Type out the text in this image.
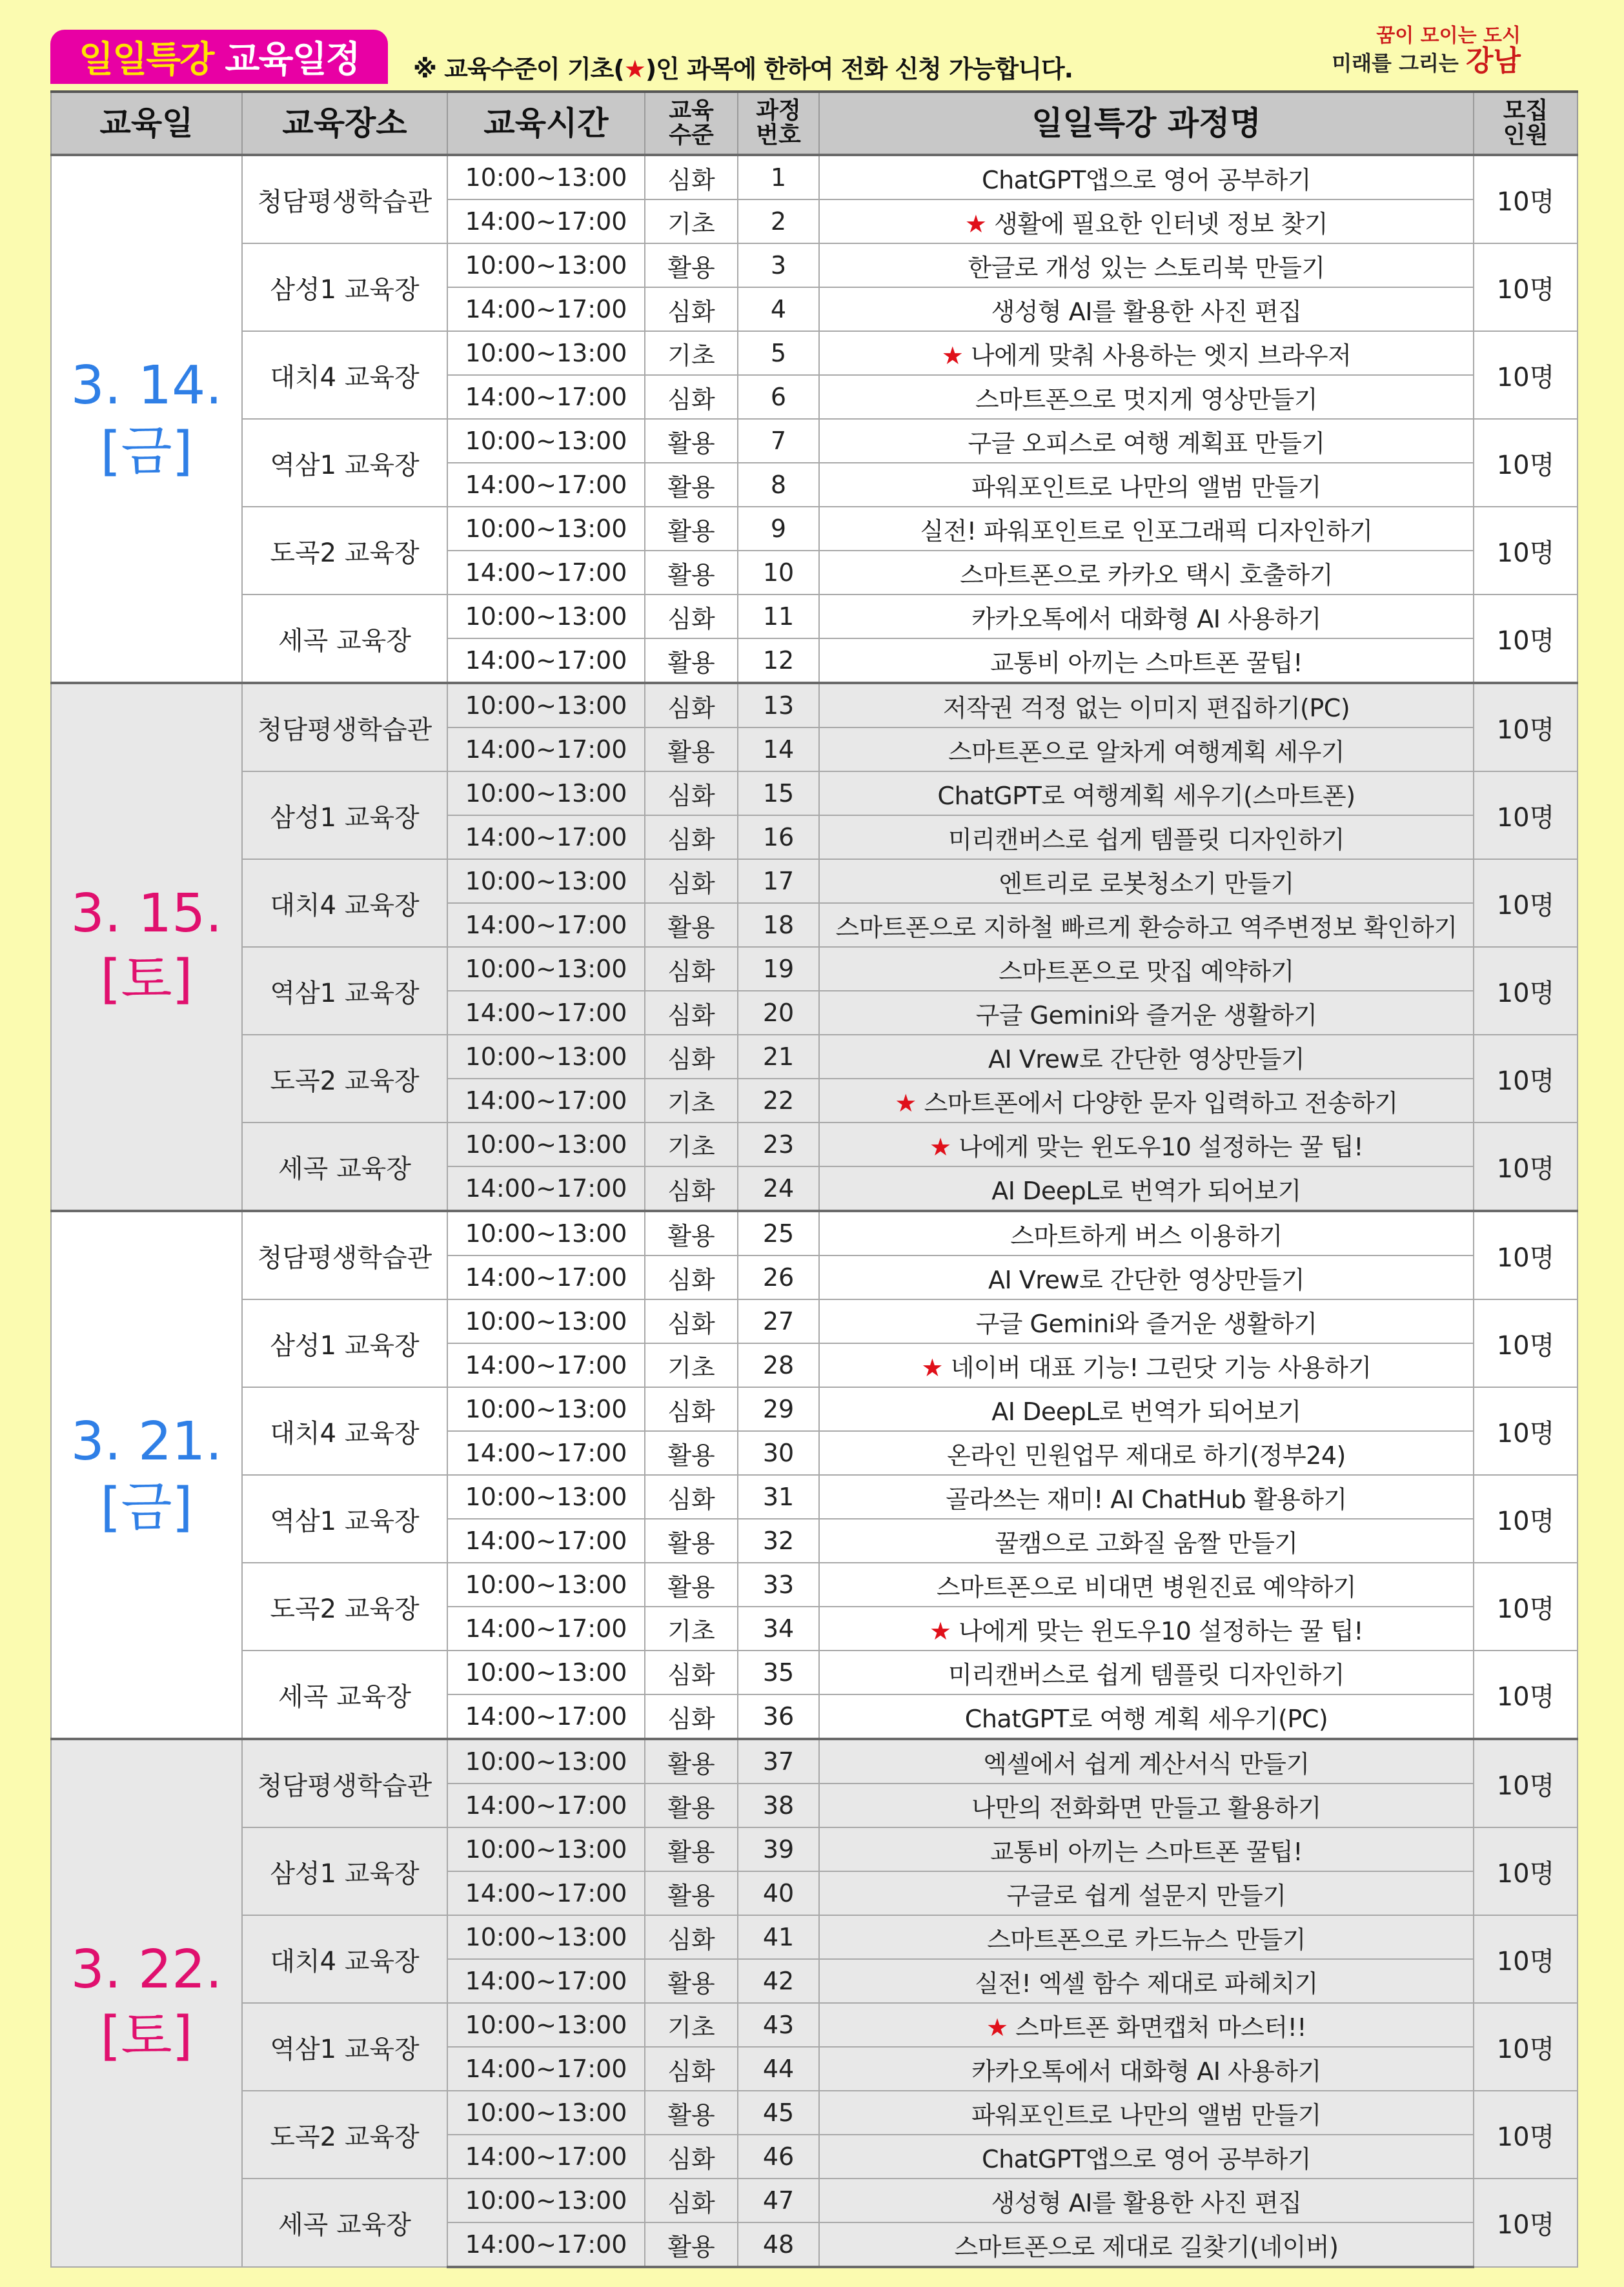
일일특강 교육일정 ※ 교육수준이 기초(★)인 과목에 한하여 전화 신청 가능합니다.
꿈이 모이는 도시
미래를 그리는 강남
교육일	교육장소	교육시간	교육
수준	과정
번호	일일특강 과정명	모집
인원
3. 14.
[금]	청담평생학습관	10:00~13:00	심화	1	ChatGPT앱으로 영어 공부하기	10명
		14:00~17:00	기초	2	★ 생활에 필요한 인터넷 정보 찾기	
	삼성1 교육장	10:00~13:00	활용	3	한글로 개성 있는 스토리북 만들기	10명
		14:00~17:00	심화	4	생성형 AI를 활용한 사진 편집	
	대치4 교육장	10:00~13:00	기초	5	★ 나에게 맞춰 사용하는 엣지 브라우저	10명
		14:00~17:00	심화	6	스마트폰으로 멋지게 영상만들기	
	역삼1 교육장	10:00~13:00	활용	7	구글 오피스로 여행 계획표 만들기	10명
		14:00~17:00	활용	8	파워포인트로 나만의 앨범 만들기	
	도곡2 교육장	10:00~13:00	활용	9	실전! 파워포인트로 인포그래픽 디자인하기	10명
		14:00~17:00	활용	10	스마트폰으로 카카오 택시 호출하기	
	세곡 교육장	10:00~13:00	심화	11	카카오톡에서 대화형 AI 사용하기	10명
		14:00~17:00	활용	12	교통비 아끼는 스마트폰 꿀팁!	
3. 15.
[토]	청담평생학습관	10:00~13:00	심화	13	저작권 걱정 없는 이미지 편집하기(PC)	10명
		14:00~17:00	활용	14	스마트폰으로 알차게 여행계획 세우기	
	삼성1 교육장	10:00~13:00	심화	15	ChatGPT로 여행계획 세우기(스마트폰)	10명
		14:00~17:00	심화	16	미리캔버스로 쉽게 템플릿 디자인하기	
	대치4 교육장	10:00~13:00	심화	17	엔트리로 로봇청소기 만들기	10명
		14:00~17:00	활용	18	스마트폰으로 지하철 빠르게 환승하고 역주변정보 확인하기	
	역삼1 교육장	10:00~13:00	심화	19	스마트폰으로 맛집 예약하기	10명
		14:00~17:00	심화	20	구글 Gemini와 즐거운 생활하기	
	도곡2 교육장	10:00~13:00	심화	21	AI Vrew로 간단한 영상만들기	10명
		14:00~17:00	기초	22	★ 스마트폰에서 다양한 문자 입력하고 전송하기	
	세곡 교육장	10:00~13:00	기초	23	★ 나에게 맞는 윈도우10 설정하는 꿀 팁!	10명
		14:00~17:00	심화	24	AI DeepL로 번역가 되어보기	
3. 21.
[금]	청담평생학습관	10:00~13:00	활용	25	스마트하게 버스 이용하기	10명
		14:00~17:00	심화	26	AI Vrew로 간단한 영상만들기	
	삼성1 교육장	10:00~13:00	심화	27	구글 Gemini와 즐거운 생활하기	10명
		14:00~17:00	기초	28	★ 네이버 대표 기능! 그린닷 기능 사용하기	
	대치4 교육장	10:00~13:00	심화	29	AI DeepL로 번역가 되어보기	10명
		14:00~17:00	활용	30	온라인 민원업무 제대로 하기(정부24)	
	역삼1 교육장	10:00~13:00	심화	31	골라쓰는 재미! AI ChatHub 활용하기	10명
		14:00~17:00	활용	32	꿀캠으로 고화질 움짤 만들기	
	도곡2 교육장	10:00~13:00	활용	33	스마트폰으로 비대면 병원진료 예약하기	10명
		14:00~17:00	기초	34	★ 나에게 맞는 윈도우10 설정하는 꿀 팁!	
	세곡 교육장	10:00~13:00	심화	35	미리캔버스로 쉽게 템플릿 디자인하기	10명
		14:00~17:00	심화	36	ChatGPT로 여행 계획 세우기(PC)	
3. 22.
[토]	청담평생학습관	10:00~13:00	활용	37	엑셀에서 쉽게 계산서식 만들기	10명
		14:00~17:00	활용	38	나만의 전화화면 만들고 활용하기	
	삼성1 교육장	10:00~13:00	활용	39	교통비 아끼는 스마트폰 꿀팁!	10명
		14:00~17:00	활용	40	구글로 쉽게 설문지 만들기	
	대치4 교육장	10:00~13:00	심화	41	스마트폰으로 카드뉴스 만들기	10명
		14:00~17:00	활용	42	실전! 엑셀 함수 제대로 파헤치기	
	역삼1 교육장	10:00~13:00	기초	43	★ 스마트폰 화면캡처 마스터!!	10명
		14:00~17:00	심화	44	카카오톡에서 대화형 AI 사용하기	
	도곡2 교육장	10:00~13:00	활용	45	파워포인트로 나만의 앨범 만들기	10명
		14:00~17:00	심화	46	ChatGPT앱으로 영어 공부하기	
	세곡 교육장	10:00~13:00	심화	47	생성형 AI를 활용한 사진 편집	10명
		14:00~17:00	활용	48	스마트폰으로 제대로 길찾기(네이버)	
